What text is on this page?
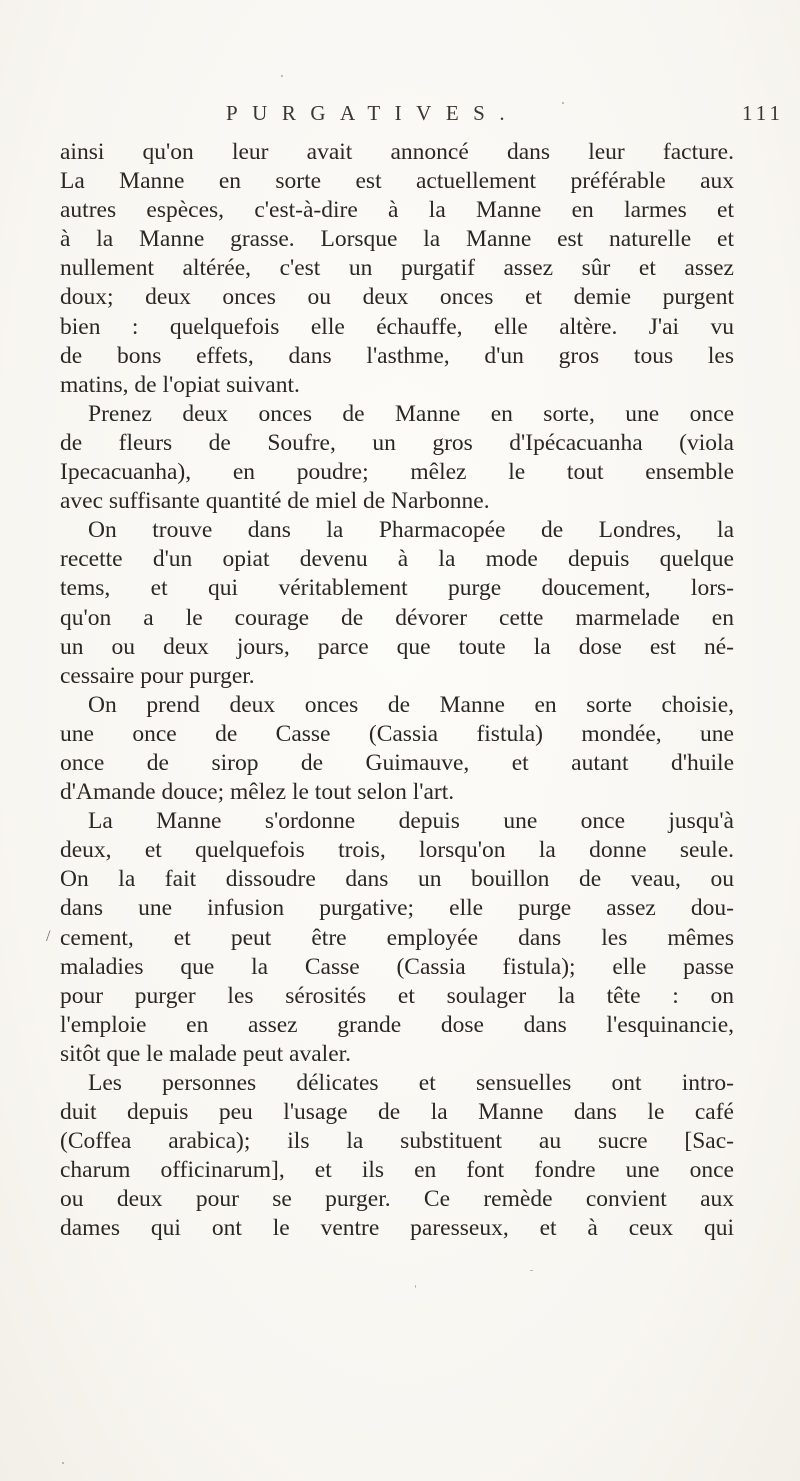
PURGATIVES.	111
ainsi qu'on leur avait annoncé dans leur facture.
La Manne en sorte est actuellement préférable aux
autres espèces, c'est-à-dire à la Manne en larmes et
à la Manne grasse. Lorsque la Manne est naturelle et
nullement altérée, c'est un purgatif assez sûr et assez
doux; deux onces ou deux onces et demie purgent
bien : quelquefois elle échauffe, elle altère. J'ai vu
de bons effets, dans l'asthme, d'un gros tous les
matins, de l'opiat suivant.
Prenez deux onces de Manne en sorte, une once
de fleurs de Soufre, un gros d'Ipécacuanha (viola
Ipecacuanha), en poudre; mêlez le tout ensemble
avec suffisante quantité de miel de Narbonne.
On trouve dans la Pharmacopée de Londres, la
recette d'un opiat devenu à la mode depuis quelque
tems, et qui véritablement purge doucement, lors-
qu'on a le courage de dévorer cette marmelade en
un ou deux jours, parce que toute la dose est né-
cessaire pour purger.
On prend deux onces de Manne en sorte choisie,
une once de Casse (Cassia fistula) mondée, une
once de sirop de Guimauve, et autant d'huile
d'Amande douce; mêlez le tout selon l'art.
La Manne s'ordonne depuis une once jusqu'à
deux, et quelquefois trois, lorsqu'on la donne seule.
On la fait dissoudre dans un bouillon de veau, ou
dans une infusion purgative; elle purge assez dou-
cement, et peut être employée dans les mêmes
maladies que la Casse (Cassia fistula); elle passe
pour purger les sérosités et soulager la tête : on
l'emploie en assez grande dose dans l'esquinancie,
sitôt que le malade peut avaler.
Les personnes délicates et sensuelles ont intro-
duit depuis peu l'usage de la Manne dans le café
(Coffea arabica); ils la substituent au sucre [Sac-
charum officinarum], et ils en font fondre une once
ou deux pour se purger. Ce remède convient aux
dames qui ont le ventre paresseux, et à ceux qui
/
